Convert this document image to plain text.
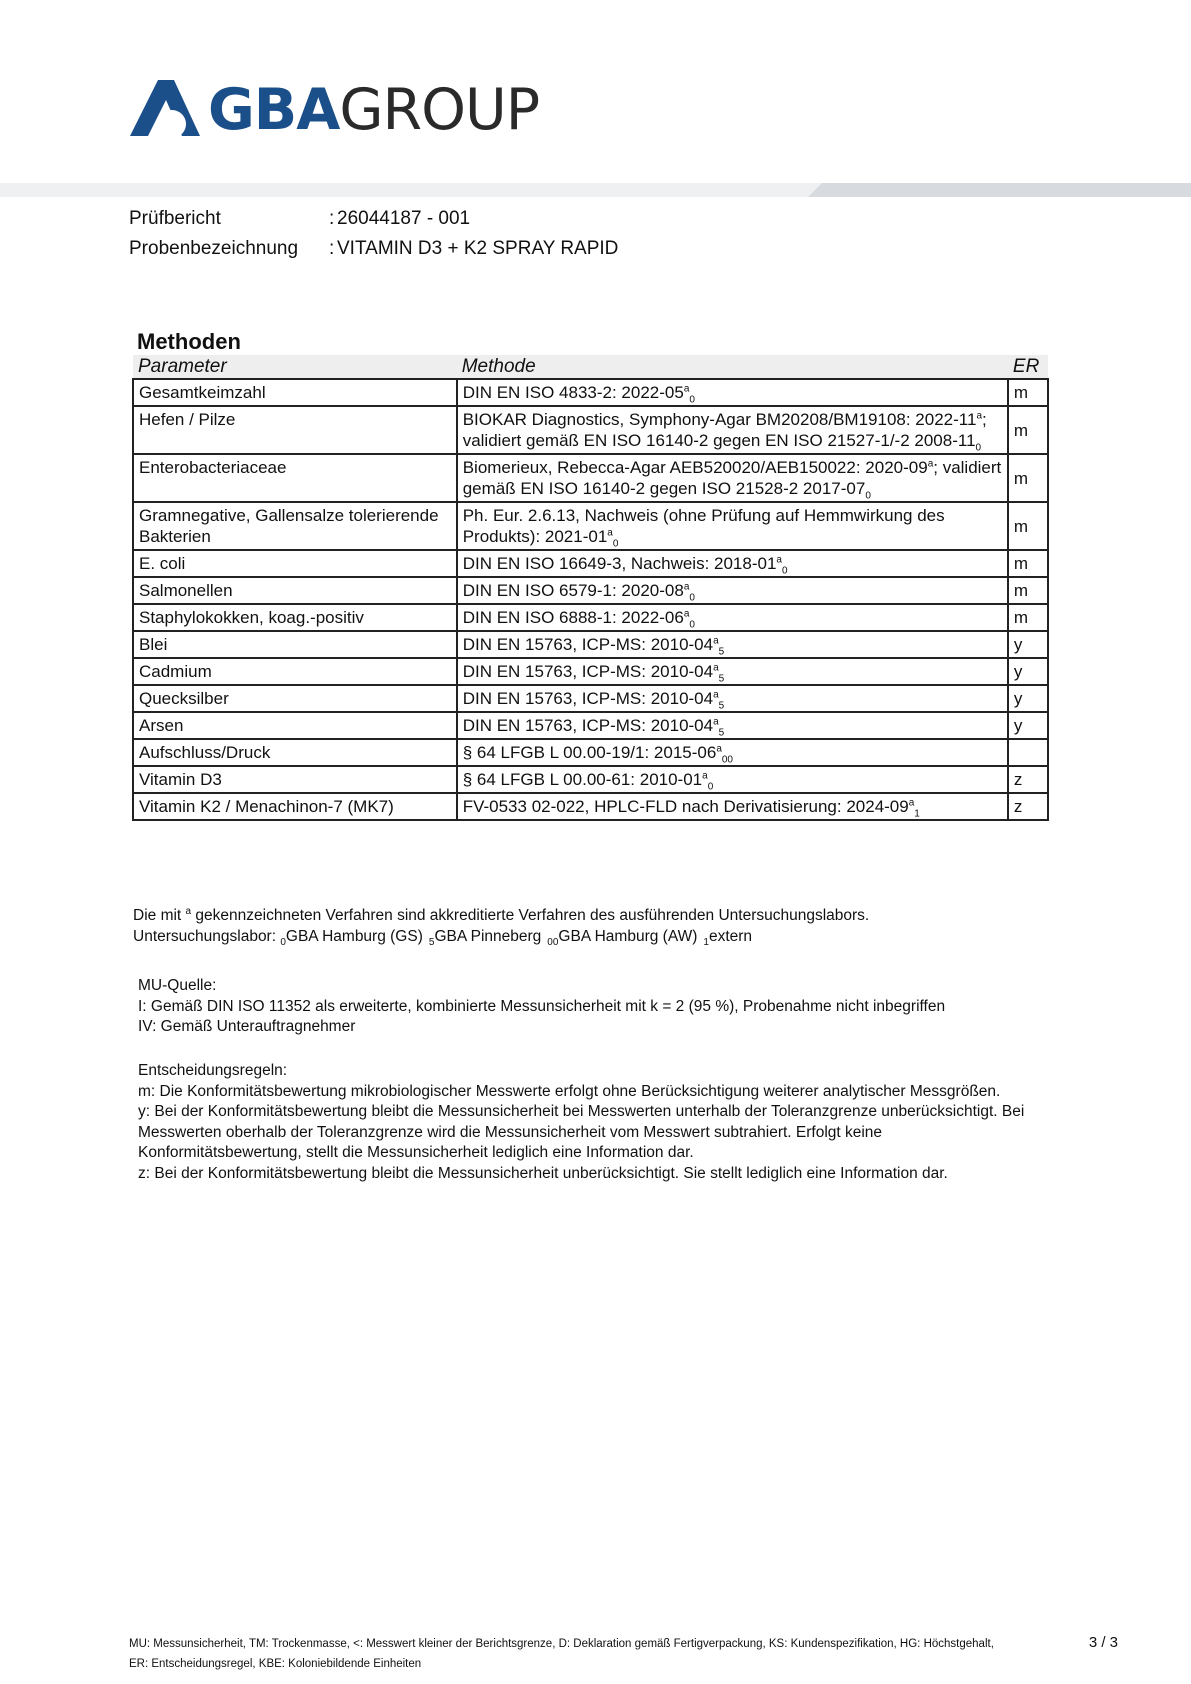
GBAGROUP
Prüfbericht	: 26044187 - 001
Probenbezeichnung	: VITAMIN D3 + K2 SPRAY RAPID
Methoden
Parameter	Methode	ER
Gesamtkeimzahl	DIN EN ISO 4833-2: $2022-05^a_0$	m
Hefen / Pilze	BIOKAR Diagnostics, Symphony-Agar BM20208/BM19108: 2022-11$^a$; validiert gemäß EN ISO 16140-2 gegen EN ISO 21527-1/-2 $2008-11_0$	m
Enterobacteriaceae	Biomerieux, Rebecca-Agar AEB520020/AEB150022: 2020-09$^a$; validiert gemäß EN ISO 16140-2 gegen ISO 21528-2 $2017-07_0$	m
Gramnegative, Gallensalze tolerierende Bakterien	Ph. Eur. 2.6.13, Nachweis (ohne Prüfung auf Hemmwirkung des Produkts): $2021-01^a_0$	m
E. coli	DIN EN ISO 16649-3, Nachweis: $2018-01^a_0$	m
Salmonellen	DIN EN ISO 6579-1: $2020-08^a_0$	m
Staphylokokken, koag.-positiv	DIN EN ISO 6888-1: $2022-06^a_0$	m
Blei	DIN EN 15763, ICP-MS: $2010-04^a_5$	y
Cadmium	DIN EN 15763, ICP-MS: $2010-04^a_5$	y
Quecksilber	DIN EN 15763, ICP-MS: $2010-04^a_5$	y
Arsen	DIN EN 15763, ICP-MS: $2010-04^a_5$	y
Aufschluss/Druck	§ 64 LFGB L 00.00-19/1: $2015-06^a_{00}$	
Vitamin D3	§ 64 LFGB L 00.00-61: $2010-01^a_0$	z
Vitamin K2 / Menachinon-7 (MK7)	FV-0533 02-022, HPLC-FLD nach Derivatisierung: $2024-09^a_1$	z

Die mit $^a$ gekennzeichneten Verfahren sind akkreditierte Verfahren des ausführenden Untersuchungslabors.

Untersuchungslabor: $_0$GBA Hamburg (GS) $_5$GBA Pinneberg $_{00}$GBA Hamburg (AW) $_1$extern

MU-Quelle:

I: Gemäß DIN ISO 11352 als erweiterte, kombinierte Messunsicherheit mit k = 2 (95 %), Probenahme nicht inbegriffen

IV: Gemäß Unterauftragnehmer

Entscheidungsregeln:

m: Die Konformitätsbewertung mikrobiologischer Messwerte erfolgt ohne Berücksichtigung weiterer analytischer Messgrößen.

y: Bei der Konformitätsbewertung bleibt die Messunsicherheit bei Messwerten unterhalb der Toleranzgrenze unberücksichtigt. Bei

Messwerten oberhalb der Toleranzgrenze wird die Messunsicherheit vom Messwert subtrahiert. Erfolgt keine

Konformitätsbewertung, stellt die Messunsicherheit lediglich eine Information dar.

z: Bei der Konformitätsbewertung bleibt die Messunsicherheit unberücksichtigt. Sie stellt lediglich eine Information dar.

MU: Messunsicherheit, TM: Trockenmasse, <: Messwert kleiner der Berichtsgrenze, D: Deklaration gemäß Fertigverpackung, KS: Kundenspezifikation, HG: Höchstgehalt,

ER: Entscheidungsregel, KBE: Koloniebildende Einheiten

3 / 3
